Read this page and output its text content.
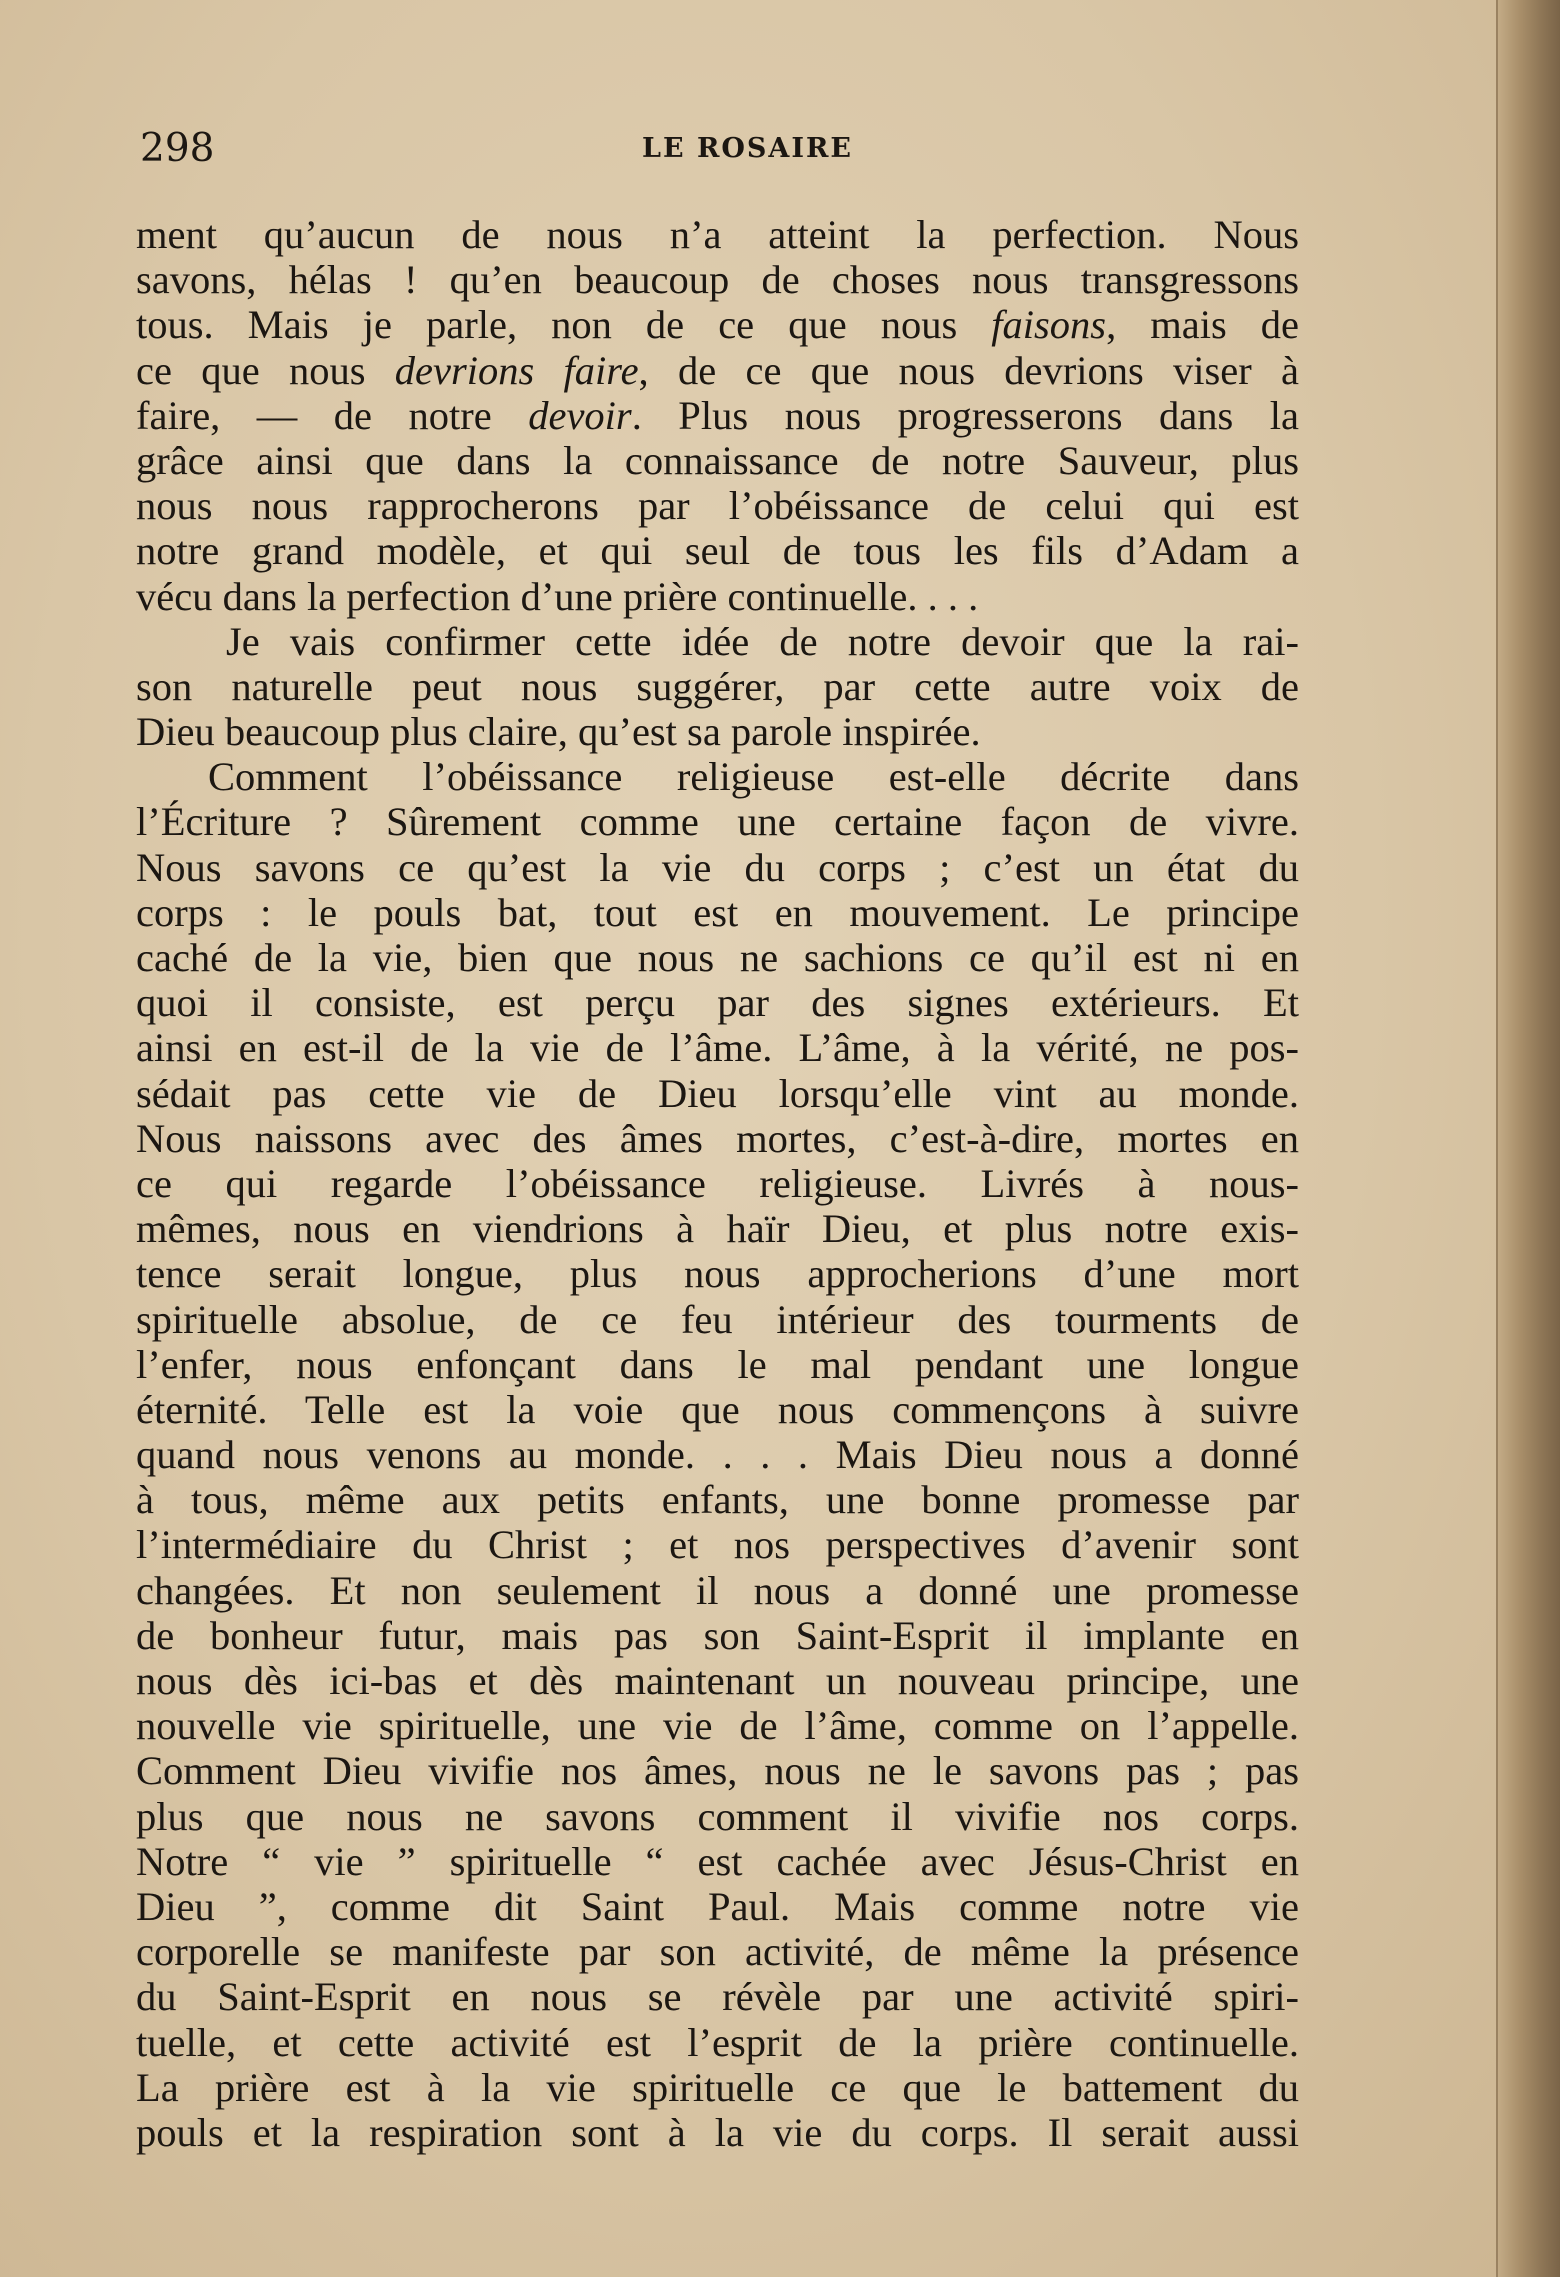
298	LE ROSAIRE
ment qu’aucun de nous n’a atteint la perfection. Nous
savons, hélas ! qu’en beaucoup de choses nous transgressons
tous. Mais je parle, non de ce que nous faisons, mais de
ce que nous devrions faire, de ce que nous devrions viser à
faire, — de notre devoir. Plus nous progresserons dans la
grâce ainsi que dans la connaissance de notre Sauveur, plus
nous nous rapprocherons par l’obéissance de celui qui est
notre grand modèle, et qui seul de tous les fils d’Adam a
vécu dans la perfection d’une prière continuelle. . . .
Je vais confirmer cette idée de notre devoir que la rai-
son naturelle peut nous suggérer, par cette autre voix de
Dieu beaucoup plus claire, qu’est sa parole inspirée.
Comment l’obéissance religieuse est-elle décrite dans
l’Écriture ? Sûrement comme une certaine façon de vivre.
Nous savons ce qu’est la vie du corps ; c’est un état du
corps : le pouls bat, tout est en mouvement. Le principe
caché de la vie, bien que nous ne sachions ce qu’il est ni en
quoi il consiste, est perçu par des signes extérieurs. Et
ainsi en est-il de la vie de l’âme. L’âme, à la vérité, ne pos-
sédait pas cette vie de Dieu lorsqu’elle vint au monde.
Nous naissons avec des âmes mortes, c’est-à-dire, mortes en
ce qui regarde l’obéissance religieuse. Livrés à nous-
mêmes, nous en viendrions à haïr Dieu, et plus notre exis-
tence serait longue, plus nous approcherions d’une mort
spirituelle absolue, de ce feu intérieur des tourments de
l’enfer, nous enfonçant dans le mal pendant une longue
éternité. Telle est la voie que nous commençons à suivre
quand nous venons au monde. . . . Mais Dieu nous a donné
à tous, même aux petits enfants, une bonne promesse par
l’intermédiaire du Christ ; et nos perspectives d’avenir sont
changées. Et non seulement il nous a donné une promesse
de bonheur futur, mais pas son Saint-Esprit il implante en
nous dès ici-bas et dès maintenant un nouveau principe, une
nouvelle vie spirituelle, une vie de l’âme, comme on l’appelle.
Comment Dieu vivifie nos âmes, nous ne le savons pas ; pas
plus que nous ne savons comment il vivifie nos corps.
Notre “ vie ” spirituelle “ est cachée avec Jésus-Christ en
Dieu ”, comme dit Saint Paul. Mais comme notre vie
corporelle se manifeste par son activité, de même la présence
du Saint-Esprit en nous se révèle par une activité spiri-
tuelle, et cette activité est l’esprit de la prière continuelle.
La prière est à la vie spirituelle ce que le battement du
pouls et la respiration sont à la vie du corps. Il serait aussi
